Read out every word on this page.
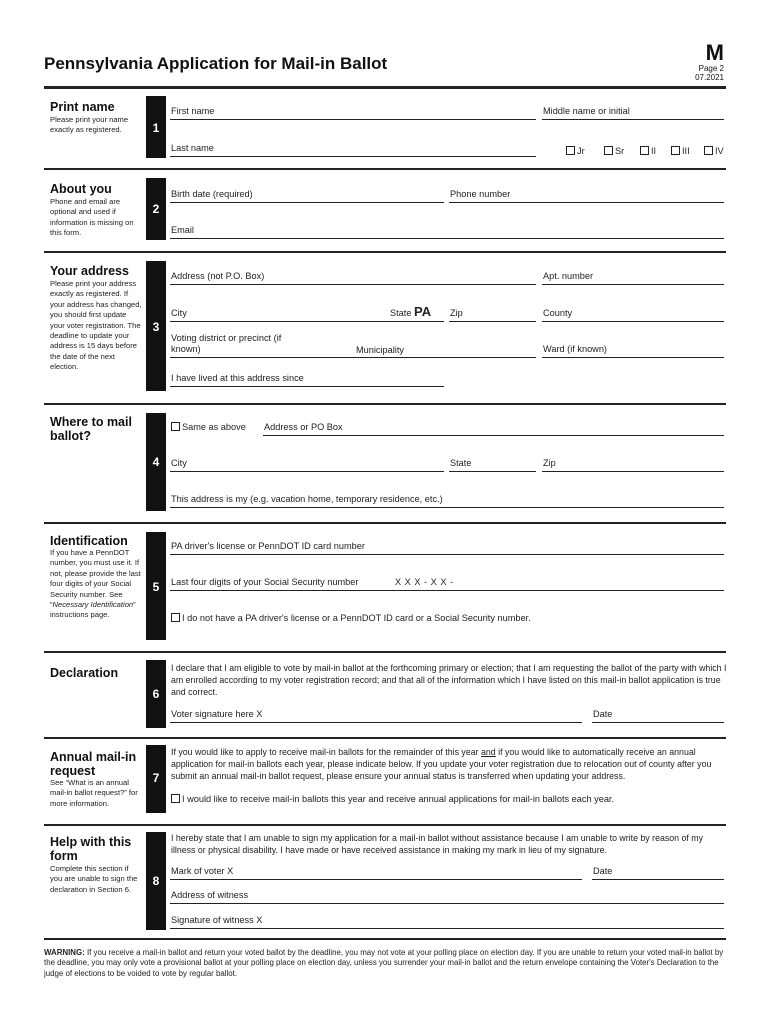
Pennsylvania Application for Mail-in Ballot	M
Page 2
07.2021
Print name
Please print your name exactly as registered.	1
First name	Middle name or initial
Last name	Jr	Sr	II	III	IV
About you
Phone and email are optional and used if information is missing on this form.
2
Birth date (required)	Phone number
Email
Your address
Please print your address exactly as registered. If your address has changed, you should first update your voter registration. The deadline to update your address is 15 days before the date of the next election.
3
Address (not P.O. Box)	Apt. number
City	State PA Zip	County
Voting district or precinct (if known)	Municipality	Ward (if known)
I have lived at this address since
Where to mail ballot?
4
Same as above Address or PO Box
City	State	Zip
This address is my (e.g. vacation home, temporary residence, etc.)
Identification
If you have a PennDOT number, you must use it. If not, please provide the last four digits of your Social Security number. See “Necessary Identification” instructions page.
5
PA driver's license or PennDOT ID card number
Last four digits of your Social Security number	X X X - X X -
I do not have a PA driver's license or a PennDOT ID card or a Social Security number.
Declaration
6
I declare that I am eligible to vote by mail-in ballot at the forthcoming primary or election; that I am requesting the ballot of the party with which I am enrolled according to my voter registration record; and that all of the information which I have listed on this mail-in ballot application is true and correct.
Voter signature here X	Date
Annual mail-in request
See “What is an annual mail-in ballot request?” for more information.
7
If you would like to apply to receive mail-in ballots for the remainder of this year and if you would like to automatically receive an annual application for mail-in ballots each year, please indicate below. If you update your voter registration due to relocation out of county after you submit an annual mail-in ballot request, please ensure your annual status is transferred when updating your address.
I would like to receive mail-in ballots this year and receive annual applications for mail-in ballots each year.
Help with this form
Complete this section if you are unable to sign the declaration in Section 6.
8
I hereby state that I am unable to sign my application for a mail-in ballot without assistance because I am unable to write by reason of my illness or physical disability. I have made or have received assistance in making my mark in lieu of my signature.
Mark of voter X	Date
Address of witness
Signature of witness X
WARNING: If you receive a mail-in ballot and return your voted ballot by the deadline, you may not vote at your polling place on election day. If you are unable to return your voted mail-in ballot by the deadline, you may only vote a provisional ballot at your polling place on election day, unless you surrender your mail-in ballot and the return envelope containing the Voter's Declaration to the judge of elections to be voided to vote by regular ballot.
